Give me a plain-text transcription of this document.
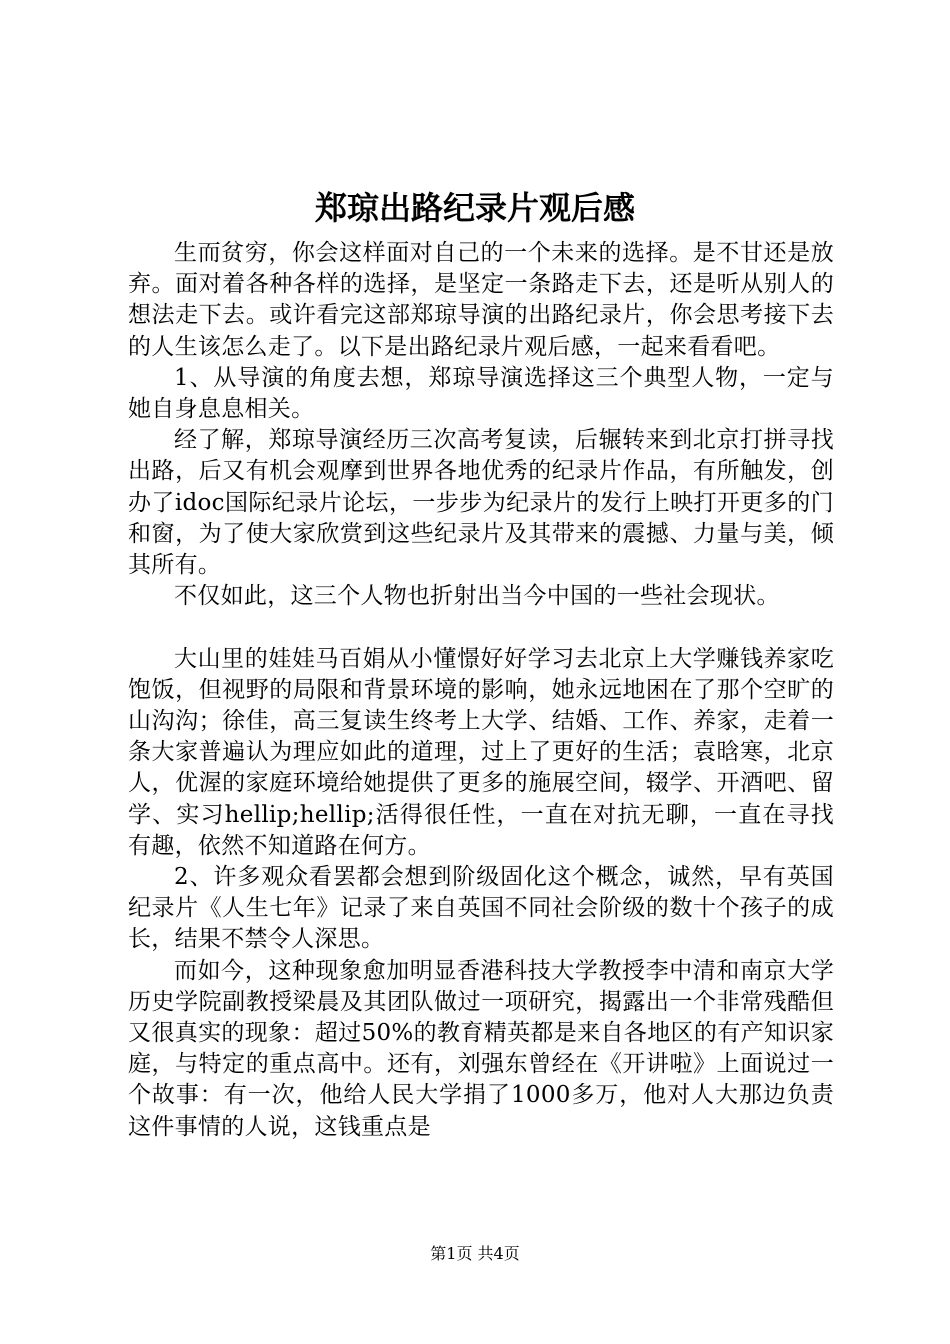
郑琼出路纪录片观后感

生而贫穷，你会这样面对自己的一个未来的选择。是不甘还是放弃。面对着各种各样的选择，是坚定一条路走下去，还是听从别人的想法走下去。或许看完这部郑琼导演的出路纪录片，你会思考接下去的人生该怎么走了。以下是出路纪录片观后感，一起来看看吧。

1、从导演的角度去想，郑琼导演选择这三个典型人物，一定与她自身息息相关。

经了解，郑琼导演经历三次高考复读，后辗转来到北京打拼寻找出路，后又有机会观摩到世界各地优秀的纪录片作品，有所触发，创办了idoc国际纪录片论坛，一步步为纪录片的发行上映打开更多的门和窗，为了使大家欣赏到这些纪录片及其带来的震撼、力量与美，倾其所有。

不仅如此，这三个人物也折射出当今中国的一些社会现状。

大山里的娃娃马百娟从小懂憬好好学习去北京上大学赚钱养家吃饱饭，但视野的局限和背景环境的影响，她永远地困在了那个空旷的山沟沟；徐佳，高三复读生终考上大学、结婚、工作、养家，走着一条大家普遍认为理应如此的道理，过上了更好的生活；袁晗寒，北京人，优渥的家庭环境给她提供了更多的施展空间，辍学、开酒吧、留学、实习hellip;hellip;活得很任性，一直在对抗无聊，一直在寻找有趣，依然不知道路在何方。

2、许多观众看罢都会想到阶级固化这个概念，诚然，早有英国纪录片《人生七年》记录了来自英国不同社会阶级的数十个孩子的成长，结果不禁令人深思。

而如今，这种现象愈加明显香港科技大学教授李中清和南京大学历史学院副教授梁晨及其团队做过一项研究，揭露出一个非常残酷但又很真实的现象：超过50%的教育精英都是来自各地区的有产知识家庭，与特定的重点高中。还有，刘强东曾经在《开讲啦》上面说过一个故事：有一次，他给人民大学捐了1000多万，他对人大那边负责这件事情的人说，这钱重点是

第1页 共4页
